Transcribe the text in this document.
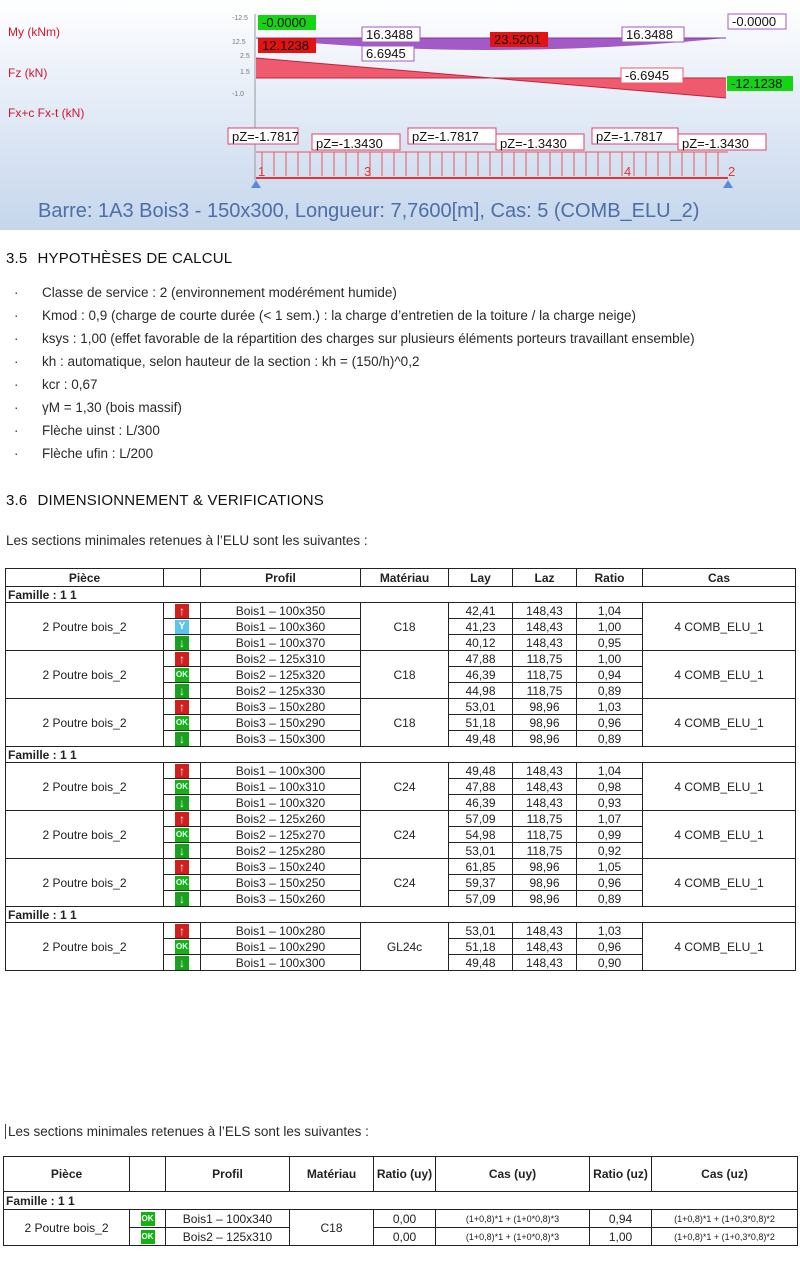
My (kNm)
Fz (kN)
Fx+c Fx-t (kN)
-12.5
12.5
2.5
1.5
-1.0
-0.0000
12.1238
16.3488
6.6945
23.5201	16.3488
-0.0000
-6.6945
-12.1238
pZ=-1.7817 pZ=-1.3430 pZ=-1.7817 pZ=-1.3430 pZ=-1.7817 pZ=-1.3430
1	3	4	2
Barre: 1A3 Bois3 - 150x300, Longueur: 7,7600[m], Cas: 5 (COMB_ELU_2)
3.5 HYPOTHÈSES DE CALCUL
· Classe de service : 2 (environnement modérément humide)
· Kmod : 0,9 (charge de courte durée (< 1 sem.) : la charge d’entretien de la toiture / la charge neige)
· ksys : 1,00 (effet favorable de la répartition des charges sur plusieurs éléments porteurs travaillant ensemble)
· kh : automatique, selon hauteur de la section : kh = (150/h)^0,2
· kcr : 0,67
· γM = 1,30 (bois massif)
· Flèche uinst : L/300
· Flèche ufin : L/200
3.6 DIMENSIONNEMENT & VERIFICATIONS
Les sections minimales retenues à l’ELU sont les suivantes :
Pièce		Profil	Matériau	Lay	Laz	Ratio	Cas
Famille : 1 1							
2 Poutre bois_2	↑	Bois1 – 100x350	C18	42,41	148,43	1,04	4 COMB_ELU_1
	Y	Bois1 – 100x360		41,23	148,43	1,00	
	↓	Bois1 – 100x370		40,12	148,43	0,95	
2 Poutre bois_2	↑	Bois2 – 125x310	C18	47,88	118,75	1,00	4 COMB_ELU_1
	OK	Bois2 – 125x320		46,39	118,75	0,94	
	↓	Bois2 – 125x330		44,98	118,75	0,89	
2 Poutre bois_2	↑	Bois3 – 150x280	C18	53,01	98,96	1,03	4 COMB_ELU_1
	OK	Bois3 – 150x290		51,18	98,96	0,96	
	↓	Bois3 – 150x300		49,48	98,96	0,89	
Famille : 1 1							
2 Poutre bois_2	↑	Bois1 – 100x300	C24	49,48	148,43	1,04	4 COMB_ELU_1
	OK	Bois1 – 100x310		47,88	148,43	0,98	
	↓	Bois1 – 100x320		46,39	148,43	0,93	
2 Poutre bois_2	↑	Bois2 – 125x260	C24	57,09	118,75	1,07	4 COMB_ELU_1
	OK	Bois2 – 125x270		54,98	118,75	0,99	
	↓	Bois2 – 125x280		53,01	118,75	0,92	
2 Poutre bois_2	↑	Bois3 – 150x240	C24	61,85	98,96	1,05	4 COMB_ELU_1
	OK	Bois3 – 150x250		59,37	98,96	0,96	
	↓	Bois3 – 150x260		57,09	98,96	0,89	
Famille : 1 1							
2 Poutre bois_2	↑	Bois1 – 100x280	GL24c	53,01	148,43	1,03	4 COMB_ELU_1
	OK	Bois1 – 100x290		51,18	148,43	0,96	
	↓	Bois1 – 100x300		49,48	148,43	0,90	
Les sections minimales retenues à l’ELS sont les suivantes :
Pièce		Profil	Matériau	Ratio (uy)	Cas (uy)	Ratio (uz)	Cas (uz)
Famille : 1 1							
2 Poutre bois_2	OK	Bois1 – 100x340	C18	0,00	(1+0,8)*1 + (1+0*0,8)*3	0,94	(1+0,8)*1 + (1+0,3*0,8)*2
	OK	Bois2 – 125x310		0,00	(1+0,8)*1 + (1+0*0,8)*3	1,00	(1+0,8)*1 + (1+0,3*0,8)*2
